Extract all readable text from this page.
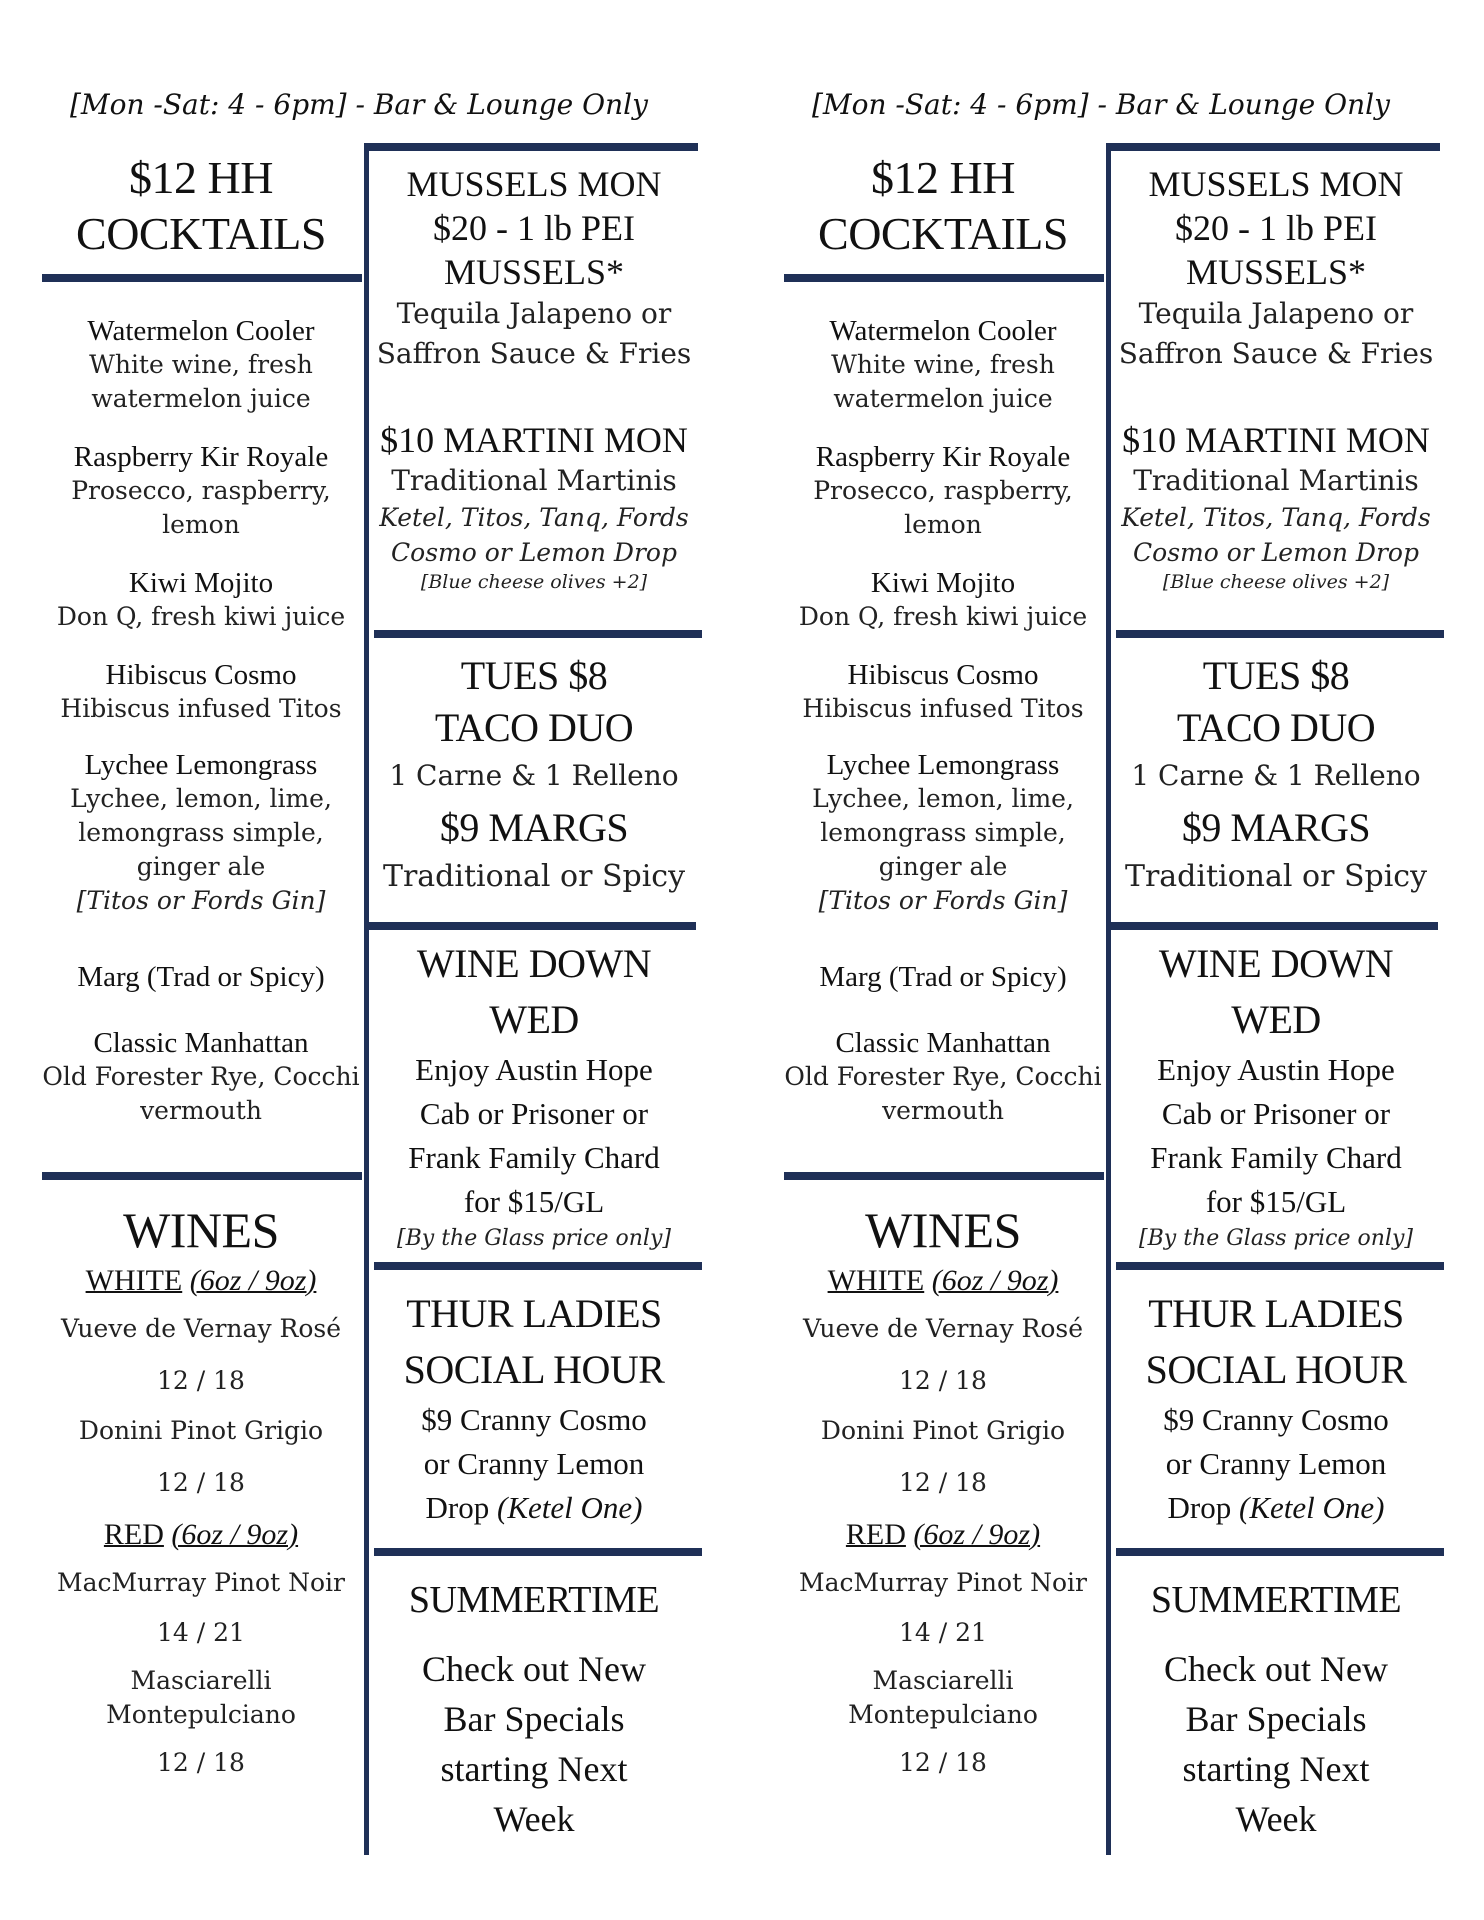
[Mon -Sat: 4 - 6pm] - Bar & Lounge Only
$12 HH
COCKTAILS
Watermelon Cooler
White wine, fresh
watermelon juice
Raspberry Kir Royale
Prosecco, raspberry,
lemon
Kiwi Mojito
Don Q, fresh kiwi juice
Hibiscus Cosmo
Hibiscus infused Titos
Lychee Lemongrass
Lychee, lemon, lime,
lemongrass simple,
ginger ale
[Titos or Fords Gin]
Marg (Trad or Spicy)
Classic Manhattan
Old Forester Rye, Cocchi
vermouth
WINES
WHITE (6oz / 9oz)
Vueve de Vernay Rosé
12 / 18
Donini Pinot Grigio
12 / 18
RED (6oz / 9oz)
MacMurray Pinot Noir
14 / 21
Masciarelli
Montepulciano
12 / 18
MUSSELS MON
$20 - 1 lb PEI
MUSSELS*
Tequila Jalapeno or
Saffron Sauce & Fries
$10 MARTINI MON
Traditional Martinis
Ketel, Titos, Tanq, Fords
Cosmo or Lemon Drop
[Blue cheese olives +2]
TUES $8
TACO DUO
1 Carne & 1 Relleno
$9 MARGS
Traditional or Spicy
WINE DOWN
WED
Enjoy Austin Hope
Cab or Prisoner or
Frank Family Chard
for $15/GL
[By the Glass price only]
THUR LADIES
SOCIAL HOUR
$9 Cranny Cosmo
or Cranny Lemon
Drop (Ketel One)
SUMMERTIME
Check out New
Bar Specials
starting Next
Week
[Mon -Sat: 4 - 6pm] - Bar & Lounge Only
$12 HH
COCKTAILS
Watermelon Cooler
White wine, fresh
watermelon juice
Raspberry Kir Royale
Prosecco, raspberry,
lemon
Kiwi Mojito
Don Q, fresh kiwi juice
Hibiscus Cosmo
Hibiscus infused Titos
Lychee Lemongrass
Lychee, lemon, lime,
lemongrass simple,
ginger ale
[Titos or Fords Gin]
Marg (Trad or Spicy)
Classic Manhattan
Old Forester Rye, Cocchi
vermouth
WINES
WHITE (6oz / 9oz)
Vueve de Vernay Rosé
12 / 18
Donini Pinot Grigio
12 / 18
RED (6oz / 9oz)
MacMurray Pinot Noir
14 / 21
Masciarelli
Montepulciano
12 / 18
MUSSELS MON
$20 - 1 lb PEI
MUSSELS*
Tequila Jalapeno or
Saffron Sauce & Fries
$10 MARTINI MON
Traditional Martinis
Ketel, Titos, Tanq, Fords
Cosmo or Lemon Drop
[Blue cheese olives +2]
TUES $8
TACO DUO
1 Carne & 1 Relleno
$9 MARGS
Traditional or Spicy
WINE DOWN
WED
Enjoy Austin Hope
Cab or Prisoner or
Frank Family Chard
for $15/GL
[By the Glass price only]
THUR LADIES
SOCIAL HOUR
$9 Cranny Cosmo
or Cranny Lemon
Drop (Ketel One)
SUMMERTIME
Check out New
Bar Specials
starting Next
Week
